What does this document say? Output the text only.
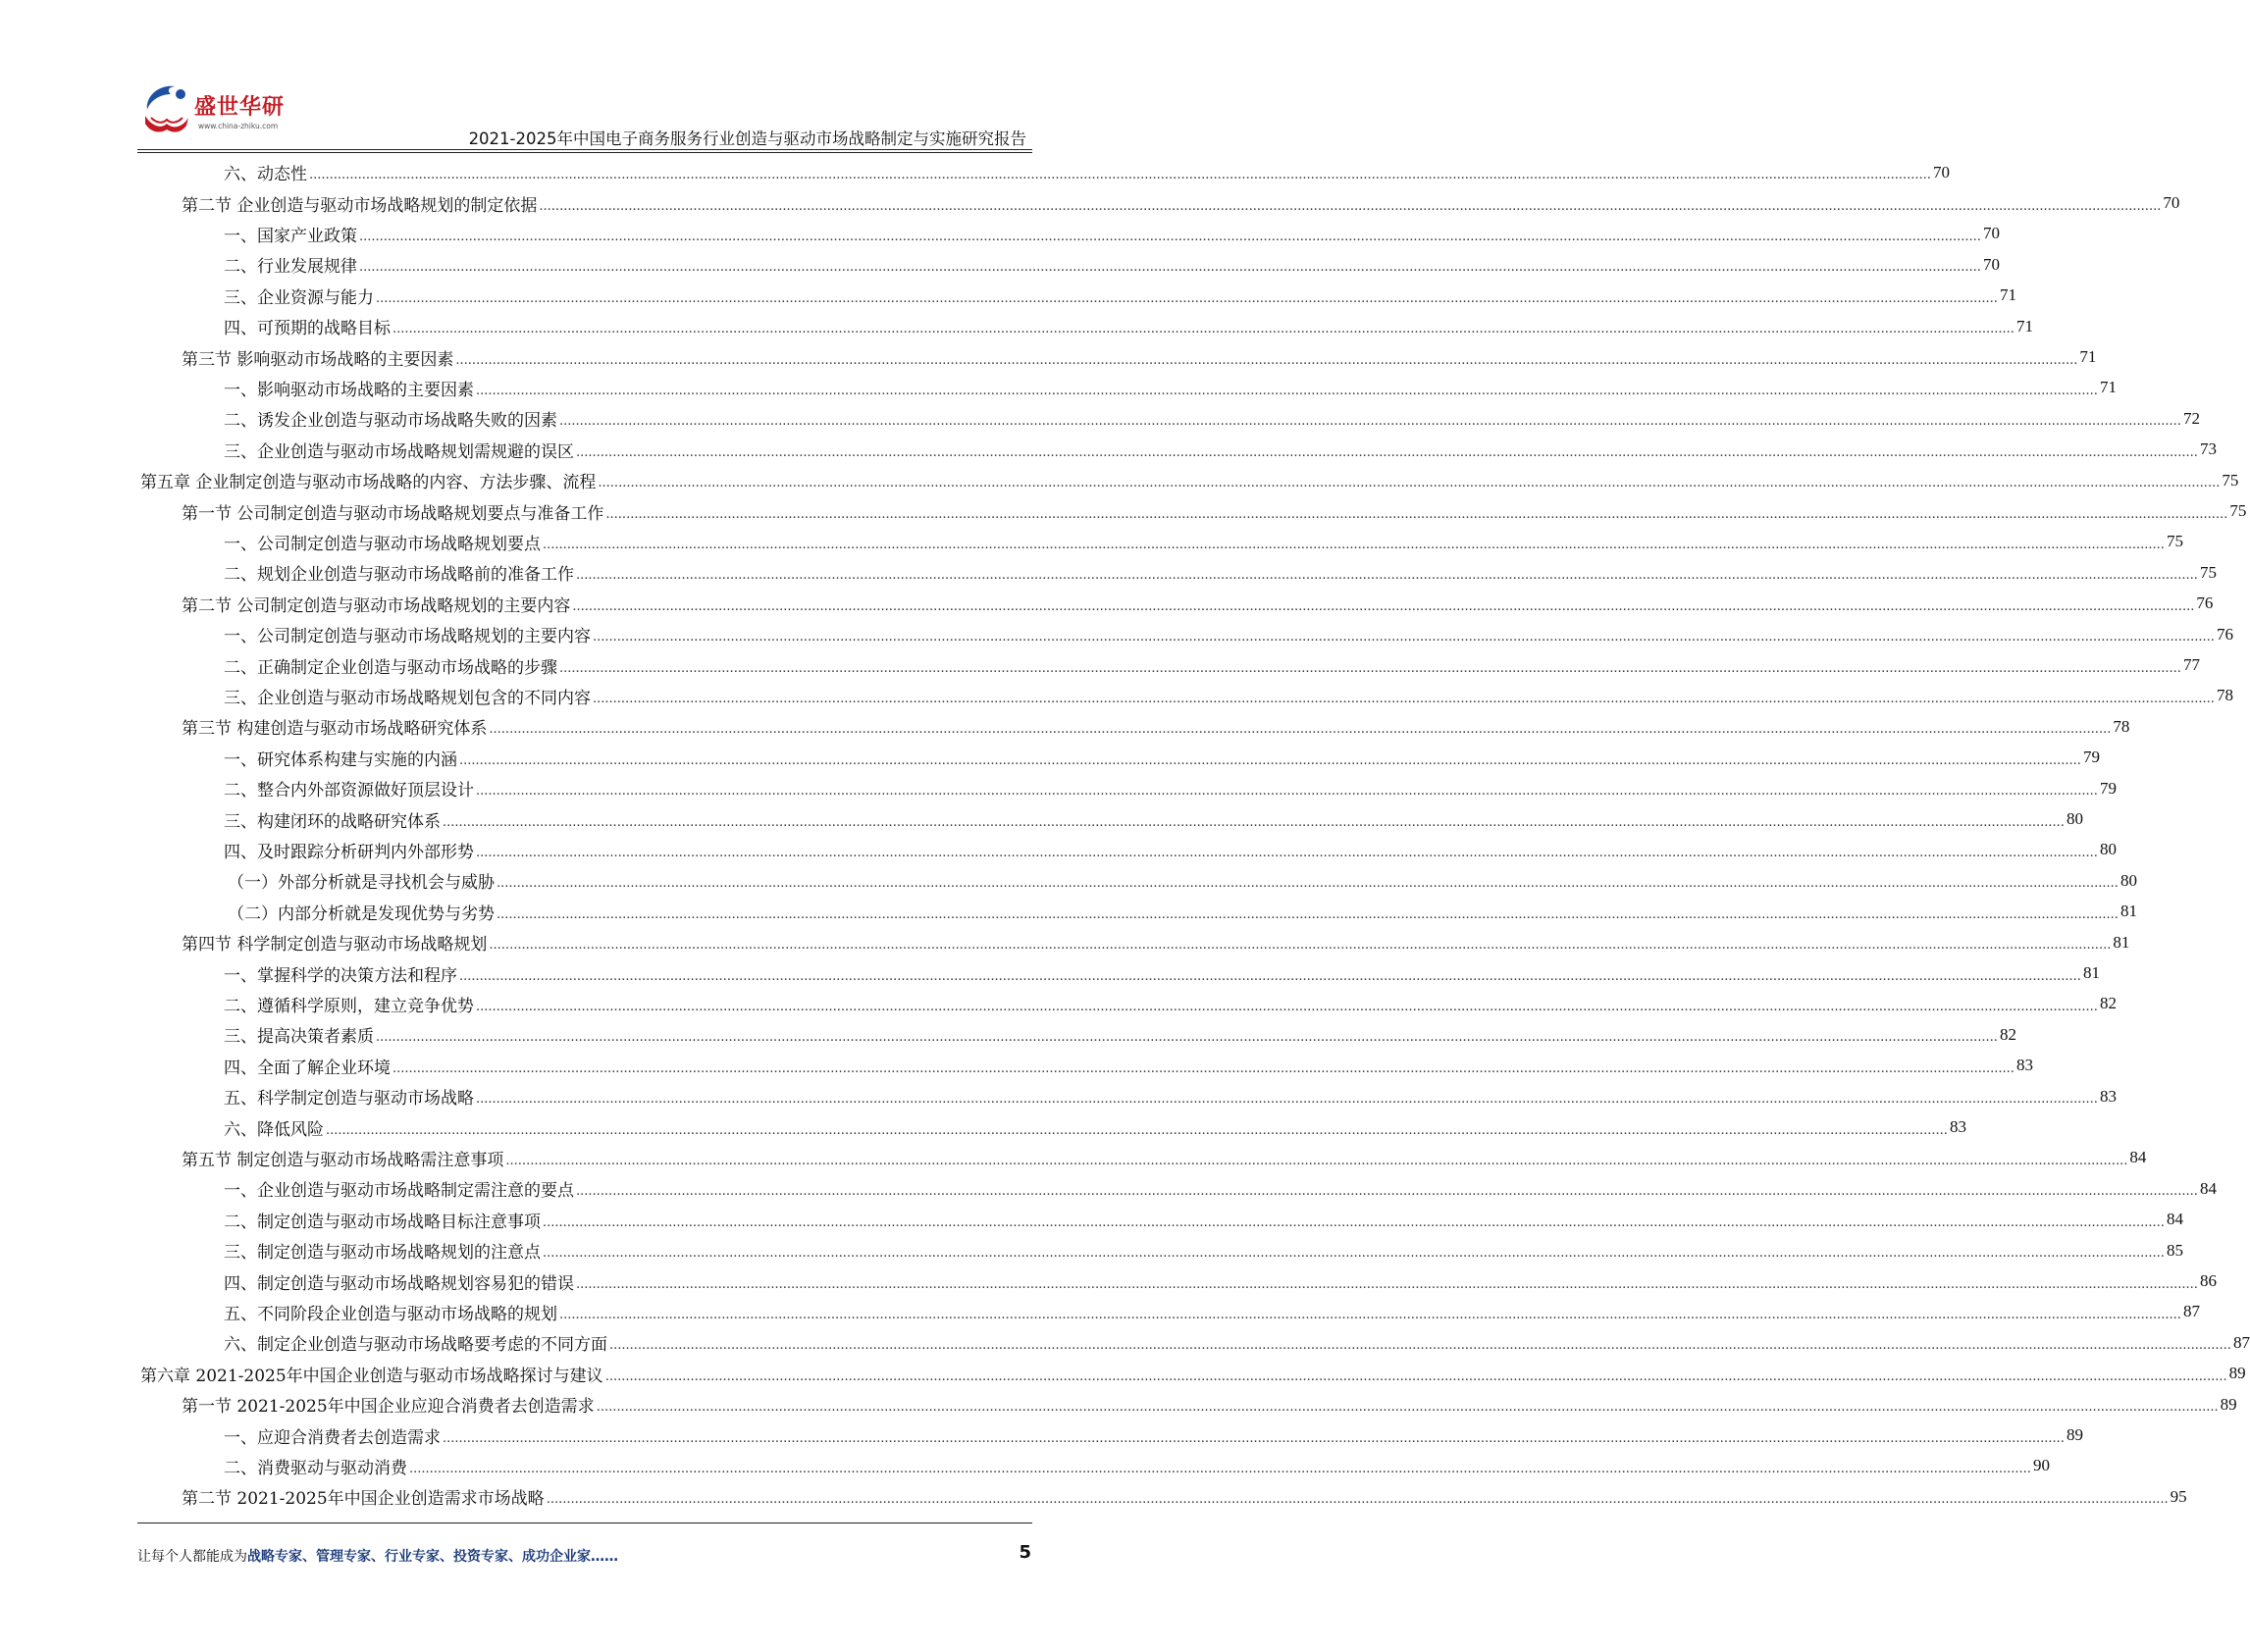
盛世华研
www.china-zhiku.com
2021-2025年中国电子商务服务行业创造与驱动市场战略制定与实施研究报告
六、动态性 ................................................................................................................................................................................................................................................................................................................................................................................................................ 70
第二节 企业创造与驱动市场战略规划的制定依据 ................................................................................................................................................................................................................................................................................................................................................................................................................ 70
一、国家产业政策 ................................................................................................................................................................................................................................................................................................................................................................................................................ 70
二、行业发展规律 ................................................................................................................................................................................................................................................................................................................................................................................................................ 70
三、企业资源与能力 ................................................................................................................................................................................................................................................................................................................................................................................................................ 71
四、可预期的战略目标 ................................................................................................................................................................................................................................................................................................................................................................................................................ 71
第三节 影响驱动市场战略的主要因素 ................................................................................................................................................................................................................................................................................................................................................................................................................ 71
一、影响驱动市场战略的主要因素 ................................................................................................................................................................................................................................................................................................................................................................................................................ 71
二、诱发企业创造与驱动市场战略失败的因素 ................................................................................................................................................................................................................................................................................................................................................................................................................ 72
三、企业创造与驱动市场战略规划需规避的误区 ................................................................................................................................................................................................................................................................................................................................................................................................................ 73
第五章 企业制定创造与驱动市场战略的内容、方法步骤、流程 ................................................................................................................................................................................................................................................................................................................................................................................................................ 75
第一节 公司制定创造与驱动市场战略规划要点与准备工作 ................................................................................................................................................................................................................................................................................................................................................................................................................ 75
一、公司制定创造与驱动市场战略规划要点 ................................................................................................................................................................................................................................................................................................................................................................................................................ 75
二、规划企业创造与驱动市场战略前的准备工作 ................................................................................................................................................................................................................................................................................................................................................................................................................ 75
第二节 公司制定创造与驱动市场战略规划的主要内容 ................................................................................................................................................................................................................................................................................................................................................................................................................ 76
一、公司制定创造与驱动市场战略规划的主要内容 ................................................................................................................................................................................................................................................................................................................................................................................................................ 76
二、正确制定企业创造与驱动市场战略的步骤 ................................................................................................................................................................................................................................................................................................................................................................................................................ 77
三、企业创造与驱动市场战略规划包含的不同内容 ................................................................................................................................................................................................................................................................................................................................................................................................................ 78
第三节 构建创造与驱动市场战略研究体系 ................................................................................................................................................................................................................................................................................................................................................................................................................ 78
一、研究体系构建与实施的内涵 ................................................................................................................................................................................................................................................................................................................................................................................................................ 79
二、整合内外部资源做好顶层设计 ................................................................................................................................................................................................................................................................................................................................................................................................................ 79
三、构建闭环的战略研究体系 ................................................................................................................................................................................................................................................................................................................................................................................................................ 80
四、及时跟踪分析研判内外部形势 ................................................................................................................................................................................................................................................................................................................................................................................................................ 80
（一）外部分析就是寻找机会与威胁 ................................................................................................................................................................................................................................................................................................................................................................................................................ 80
（二）内部分析就是发现优势与劣势 ................................................................................................................................................................................................................................................................................................................................................................................................................ 81
第四节 科学制定创造与驱动市场战略规划 ................................................................................................................................................................................................................................................................................................................................................................................................................ 81
一、掌握科学的决策方法和程序 ................................................................................................................................................................................................................................................................................................................................................................................................................ 81
二、遵循科学原则，建立竞争优势 ................................................................................................................................................................................................................................................................................................................................................................................................................ 82
三、提高决策者素质 ................................................................................................................................................................................................................................................................................................................................................................................................................ 82
四、全面了解企业环境 ................................................................................................................................................................................................................................................................................................................................................................................................................ 83
五、科学制定创造与驱动市场战略 ................................................................................................................................................................................................................................................................................................................................................................................................................ 83
六、降低风险 ................................................................................................................................................................................................................................................................................................................................................................................................................ 83
第五节 制定创造与驱动市场战略需注意事项 ................................................................................................................................................................................................................................................................................................................................................................................................................ 84
一、企业创造与驱动市场战略制定需注意的要点 ................................................................................................................................................................................................................................................................................................................................................................................................................ 84
二、制定创造与驱动市场战略目标注意事项 ................................................................................................................................................................................................................................................................................................................................................................................................................ 84
三、制定创造与驱动市场战略规划的注意点 ................................................................................................................................................................................................................................................................................................................................................................................................................ 85
四、制定创造与驱动市场战略规划容易犯的错误 ................................................................................................................................................................................................................................................................................................................................................................................................................ 86
五、不同阶段企业创造与驱动市场战略的规划 ................................................................................................................................................................................................................................................................................................................................................................................................................ 87
六、制定企业创造与驱动市场战略要考虑的不同方面 ................................................................................................................................................................................................................................................................................................................................................................................................................ 87
第六章 2021-2025年中国企业创造与驱动市场战略探讨与建议 ................................................................................................................................................................................................................................................................................................................................................................................................................ 89
第一节 2021-2025年中国企业应迎合消费者去创造需求 ................................................................................................................................................................................................................................................................................................................................................................................................................ 89
一、应迎合消费者去创造需求 ................................................................................................................................................................................................................................................................................................................................................................................................................ 89
二、消费驱动与驱动消费 ................................................................................................................................................................................................................................................................................................................................................................................................................ 90
第二节 2021-2025年中国企业创造需求市场战略 ................................................................................................................................................................................................................................................................................................................................................................................................................ 95
让每个人都能成为战略专家、管理专家、行业专家、投资专家、成功企业家……	5
